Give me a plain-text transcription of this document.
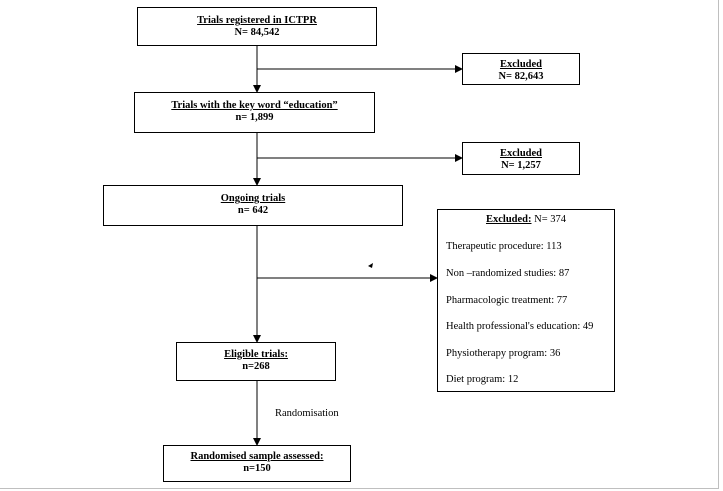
Trials registered in ICTPR
N= 84,542
Excluded
N= 82,643
Trials with the key word “education”
n= 1,899
Excluded
N= 1,257
Ongoing trials
n= 642
Excluded: N= 374
Therapeutic procedure: 113
Non –randomized studies: 87
Pharmacologic treatment: 77
Health professional's education: 49
Physiotherapy program: 36
Diet program: 12
Eligible trials:
n=268
Randomisation
Randomised sample assessed:
n=150
